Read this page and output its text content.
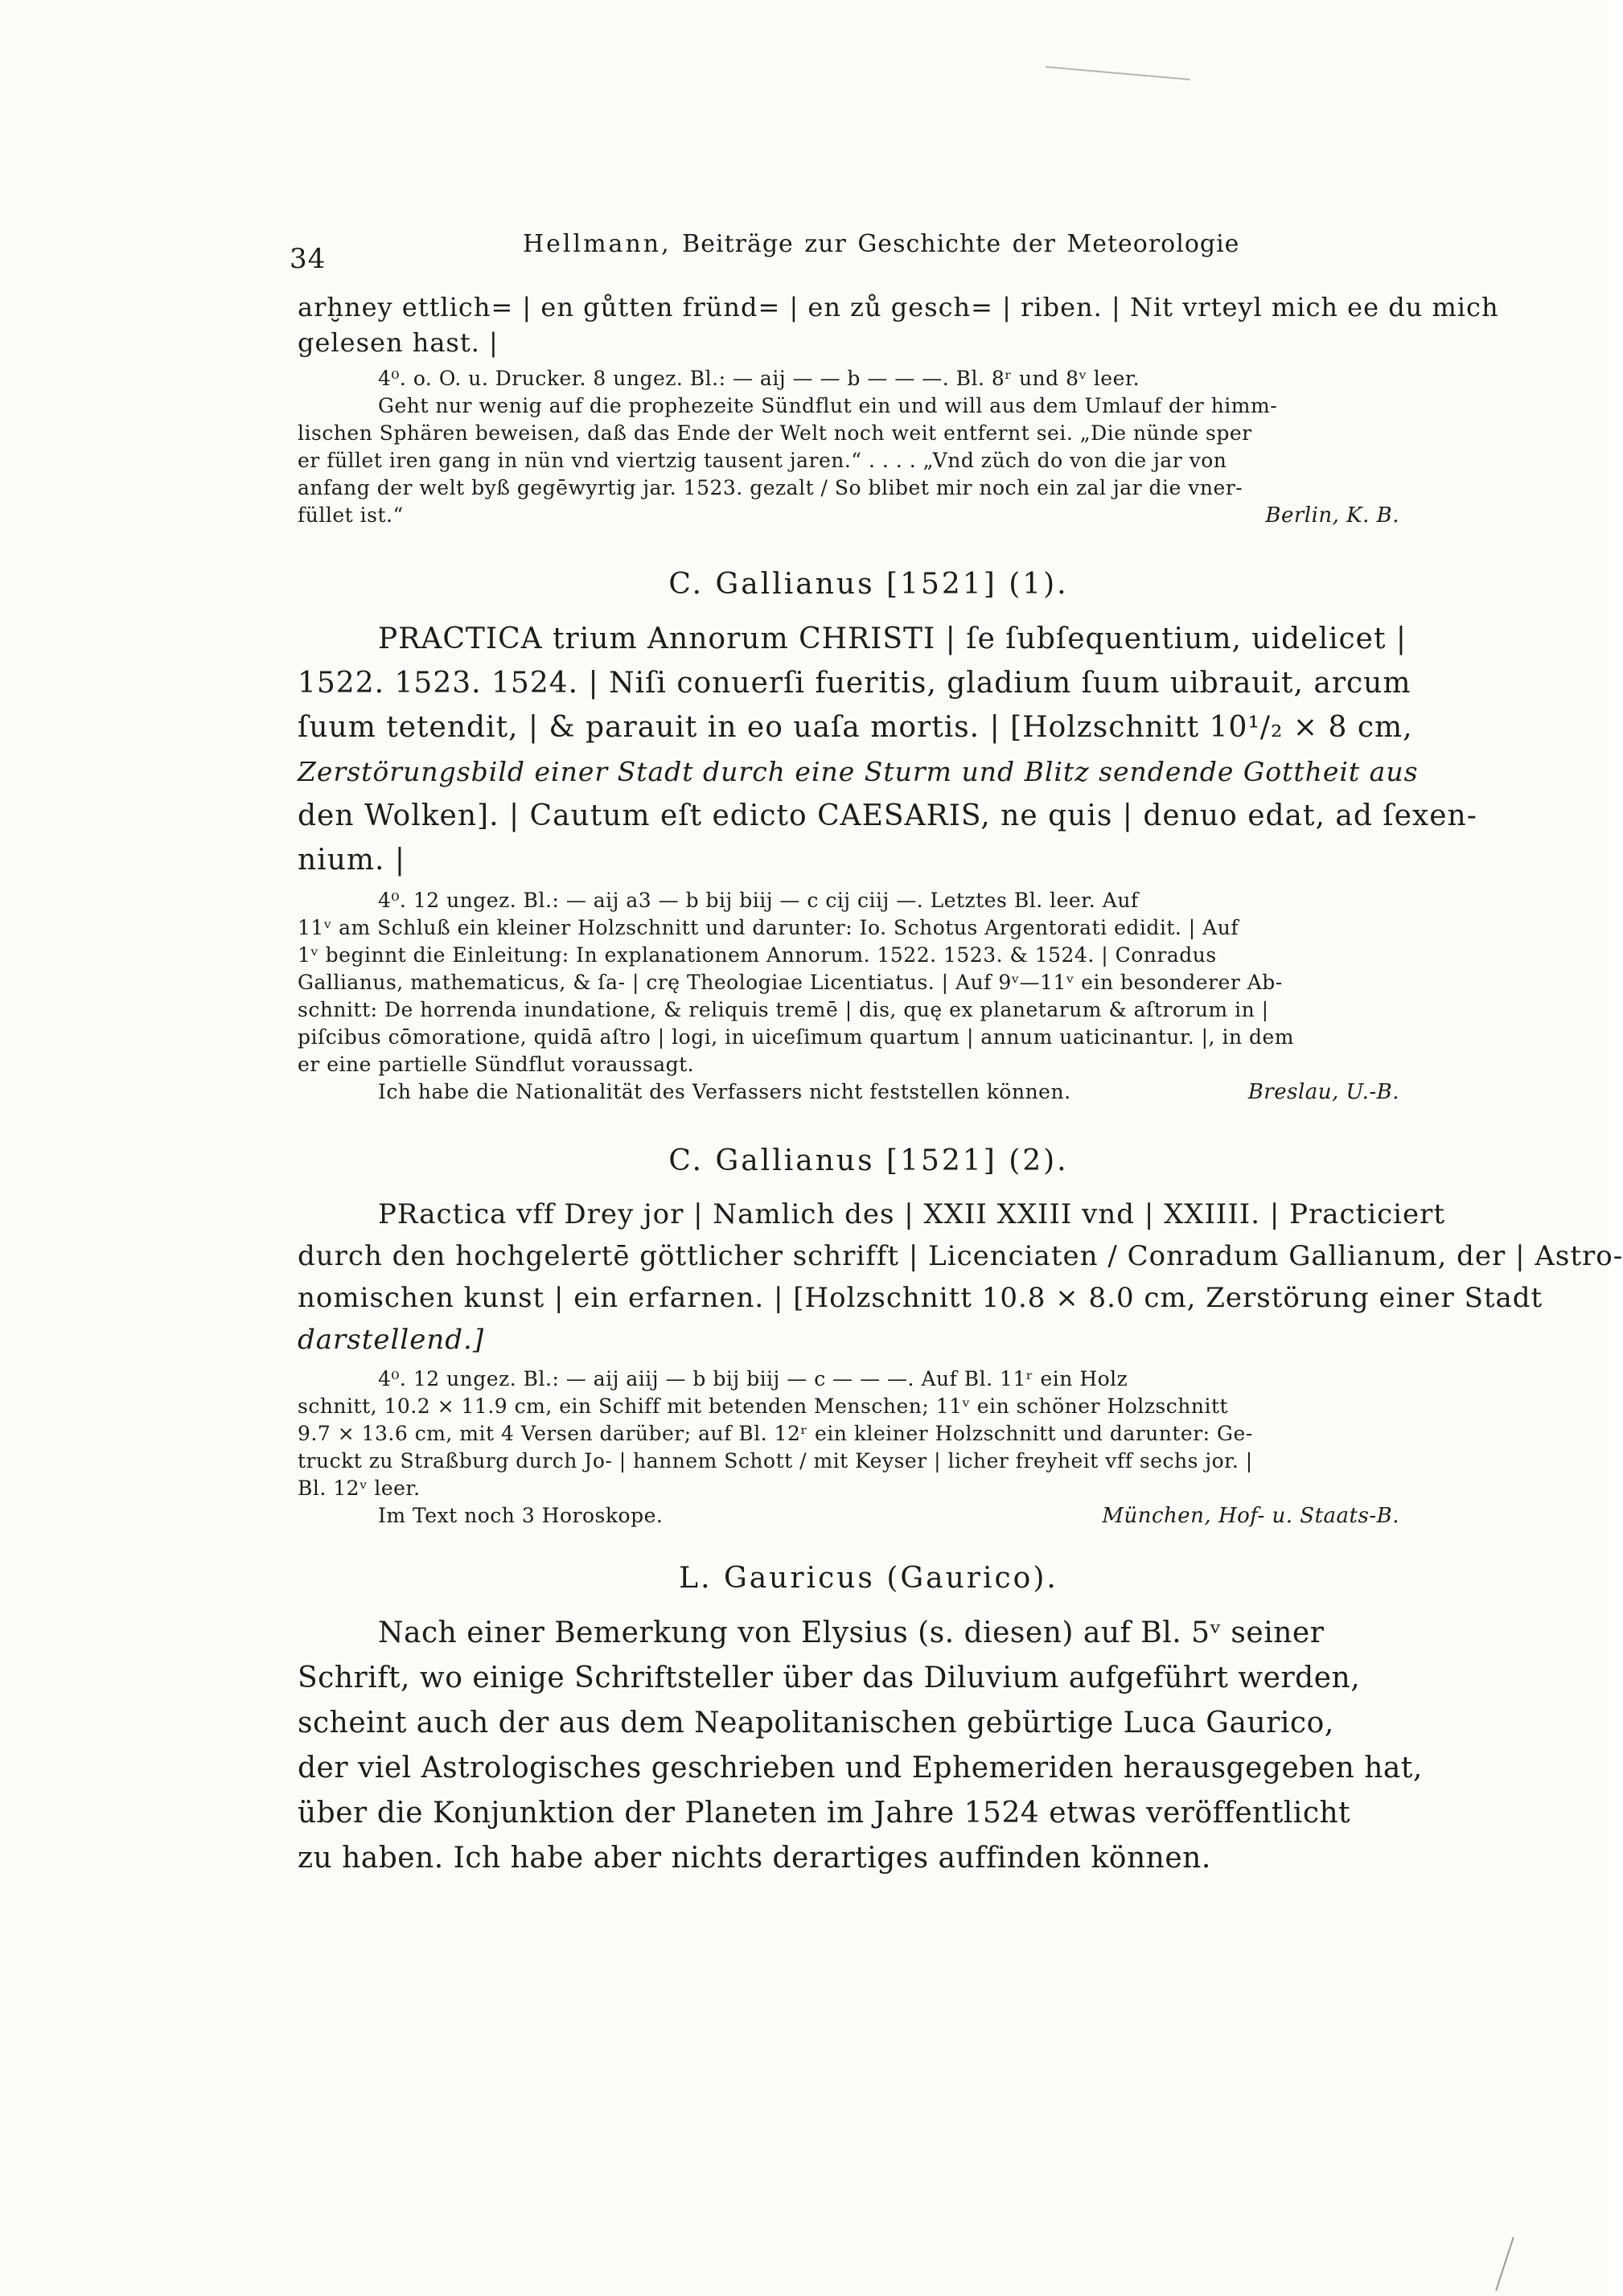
34	Hellmann, Beiträge zur Geschichte der Meteorologie
arḫney ettlich= | en gůtten fründ= | en zů gesch= | riben. | Nit vrteyl mich ee du mich
gelesen hast. |
4⁰. o. O. u. Drucker. 8 ungez. Bl.: — aij — — b — — —. Bl. 8ʳ und 8ᵛ leer.
Geht nur wenig auf die prophezeite Sündflut ein und will aus dem Umlauf der himm-
lischen Sphären beweisen, daß das Ende der Welt noch weit entfernt sei. „Die nünde sper
er füllet iren gang in nün vnd viertzig tausent jaren.“ . . . . „Vnd züch do von die jar von
anfang der welt byß gegēwyrtig jar. 1523. gezalt / So blibet mir noch ein zal jar die vner-
füllet ist.“	Berlin, K. B.
C. Gallianus [1521] (1).
PRACTICA trium Annorum CHRISTI | ſe ſubſequentium, uidelicet |
1522. 1523. 1524. | Niſi conuerſi fueritis, gladium ſuum uibrauit, arcum
ſuum tetendit, | & parauit in eo uaſa mortis. | [Holzschnitt 10¹/₂ × 8 cm,
Zerstörungsbild einer Stadt durch eine Sturm und Blitz sendende Gottheit aus
den Wolken]. | Cautum eſt edicto CAESARIS, ne quis | denuo edat, ad ſexen-
nium. |
4⁰. 12 ungez. Bl.: — aij a3 — b bij biij — c cij ciij —. Letztes Bl. leer. Auf
11ᵛ am Schluß ein kleiner Holzschnitt und darunter: Io. Schotus Argentorati edidit. | Auf
1ᵛ beginnt die Einleitung: In explanationem Annorum. 1522. 1523. & 1524. | Conradus
Gallianus, mathematicus, & ſa- | crę Theologiae Licentiatus. | Auf 9ᵛ—11ᵛ ein besonderer Ab-
schnitt: De horrenda inundatione, & reliquis tremē | dis, quę ex planetarum & aſtrorum in |
piſcibus cōmoratione, quidā aſtro | logi, in uiceſimum quartum | annum uaticinantur. |, in dem
er eine partielle Sündflut voraussagt.
Ich habe die Nationalität des Verfassers nicht feststellen können.	Breslau, U.-B.
C. Gallianus [1521] (2).
PRactica vff Drey jor | Namlich des | XXII XXIII vnd | XXIIII. | Practiciert
durch den hochgelertē göttlicher schrifft | Licenciaten / Conradum Gallianum, der | Astro-
nomischen kunst | ein erfarnen. | [Holzschnitt 10.8 × 8.0 cm, Zerstörung einer Stadt
darstellend.]
4⁰. 12 ungez. Bl.: — aij aiij — b bij biij — c — — —. Auf Bl. 11ʳ ein Holz
schnitt, 10.2 × 11.9 cm, ein Schiff mit betenden Menschen; 11ᵛ ein schöner Holzschnitt
9.7 × 13.6 cm, mit 4 Versen darüber; auf Bl. 12ʳ ein kleiner Holzschnitt und darunter: Ge-
truckt zu Straßburg durch Jo- | hannem Schott / mit Keyser | licher freyheit vff sechs jor. |
Bl. 12ᵛ leer.
Im Text noch 3 Horoskope.	München, Hof- u. Staats-B.
L. Gauricus (Gaurico).
Nach einer Bemerkung von Elysius (s. diesen) auf Bl. 5ᵛ seiner
Schrift, wo einige Schriftsteller über das Diluvium aufgeführt werden,
scheint auch der aus dem Neapolitanischen gebürtige Luca Gaurico,
der viel Astrologisches geschrieben und Ephemeriden herausgegeben hat,
über die Konjunktion der Planeten im Jahre 1524 etwas veröffentlicht
zu haben. Ich habe aber nichts derartiges auffinden können.
